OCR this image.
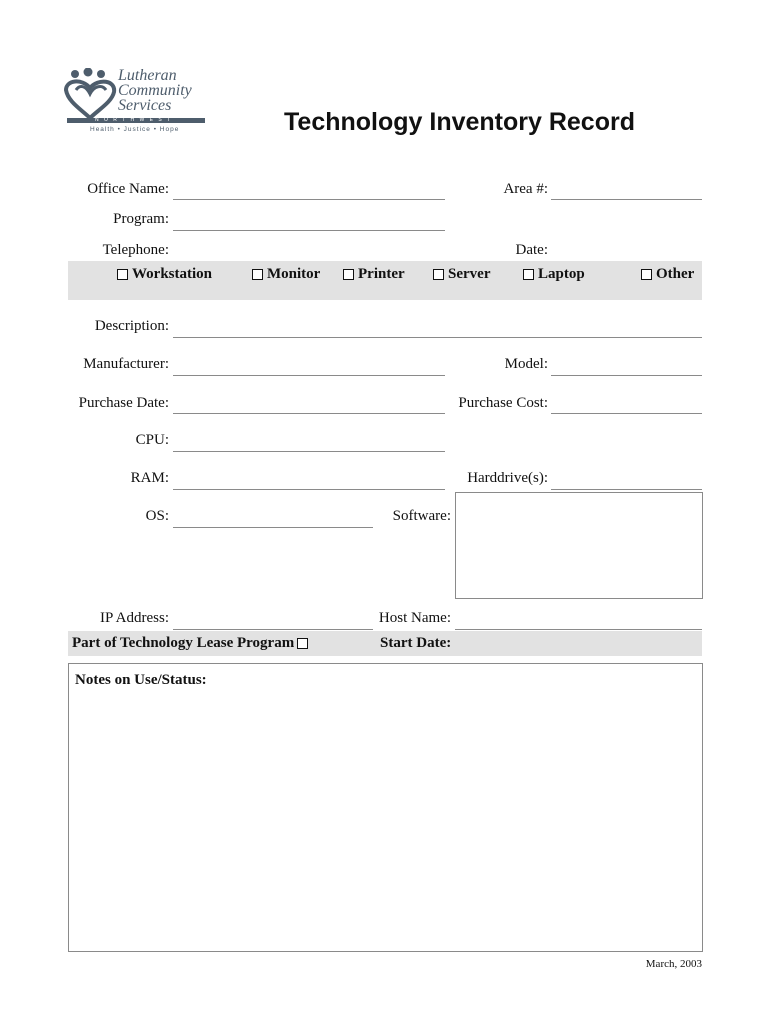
Lutheran
Community
Services
N O R T H W E S T
Health • Justice • Hope	Technology Inventory Record
Office Name:	Area #:
Program:
Telephone:	Date:
Workstation	Monitor	Printer	Server	Laptop	Other
Description:
Manufacturer:	Model:
Purchase Date:	Purchase Cost:
CPU:
RAM:	Harddrive(s):
OS:	Software:
IP Address:	Host Name:
Part of Technology Lease Program	Start Date:
Notes on Use/Status:
March, 2003
